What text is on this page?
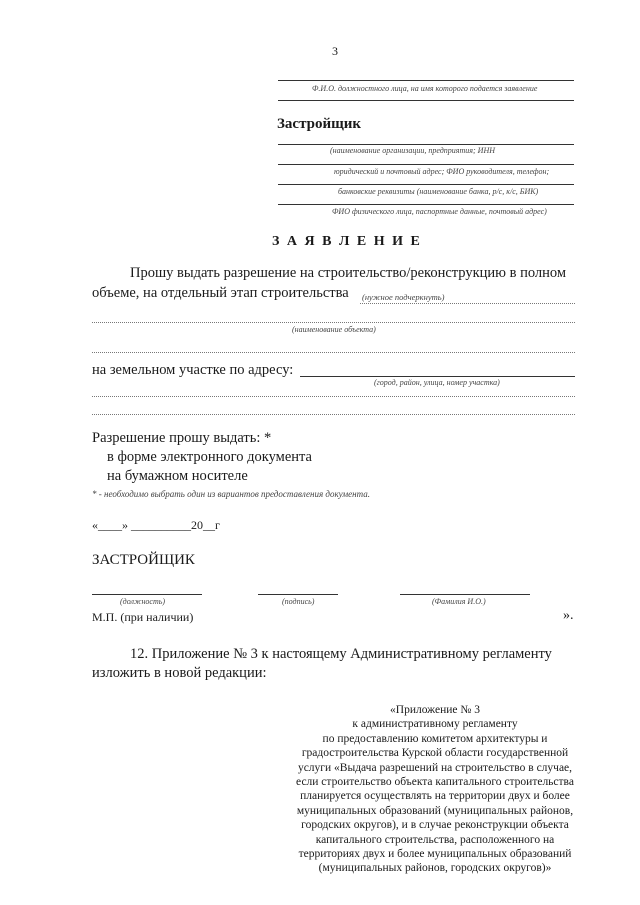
3
Ф.И.О. должностного лица, на имя которого подается заявление
Застройщик
(наименование организации, предприятия; ИНН
юридический и почтовый адрес; ФИО руководителя, телефон;
банковские реквизиты (наименование банка, р/с, к/с, БИК)
ФИО физического лица, паспортные данные, почтовый адрес)
З А Я В Л Е Н И Е
Прошу выдать разрешение на строительство/реконструкцию в полном
объеме, на отдельный этап строительства (нужное подчеркнуть)
(наименование объекта)
на земельном участке по адресу:
(город, район, улица, номер участка)
Разрешение прошу выдать: *
в форме электронного документа
на бумажном носителе
* - необходимо выбрать один из вариантов предоставления документа.
«____» __________20__г
ЗАСТРОЙЩИК
(должность)	(подпись)	(Фамилия И.О.)
М.П. (при наличии)	».
12. Приложение № 3 к настоящему Административному регламенту
изложить в новой редакции:
«Приложение № 3
к административному регламенту
по предоставлению комитетом архитектуры и
градостроительства Курской области государственной
услуги «Выдача разрешений на строительство в случае,
если строительство объекта капитального строительства
планируется осуществлять на территории двух и более
муниципальных образований (муниципальных районов,
городских округов), и в случае реконструкции объекта
капитального строительства, расположенного на
территориях двух и более муниципальных образований
(муниципальных районов, городских округов)»
